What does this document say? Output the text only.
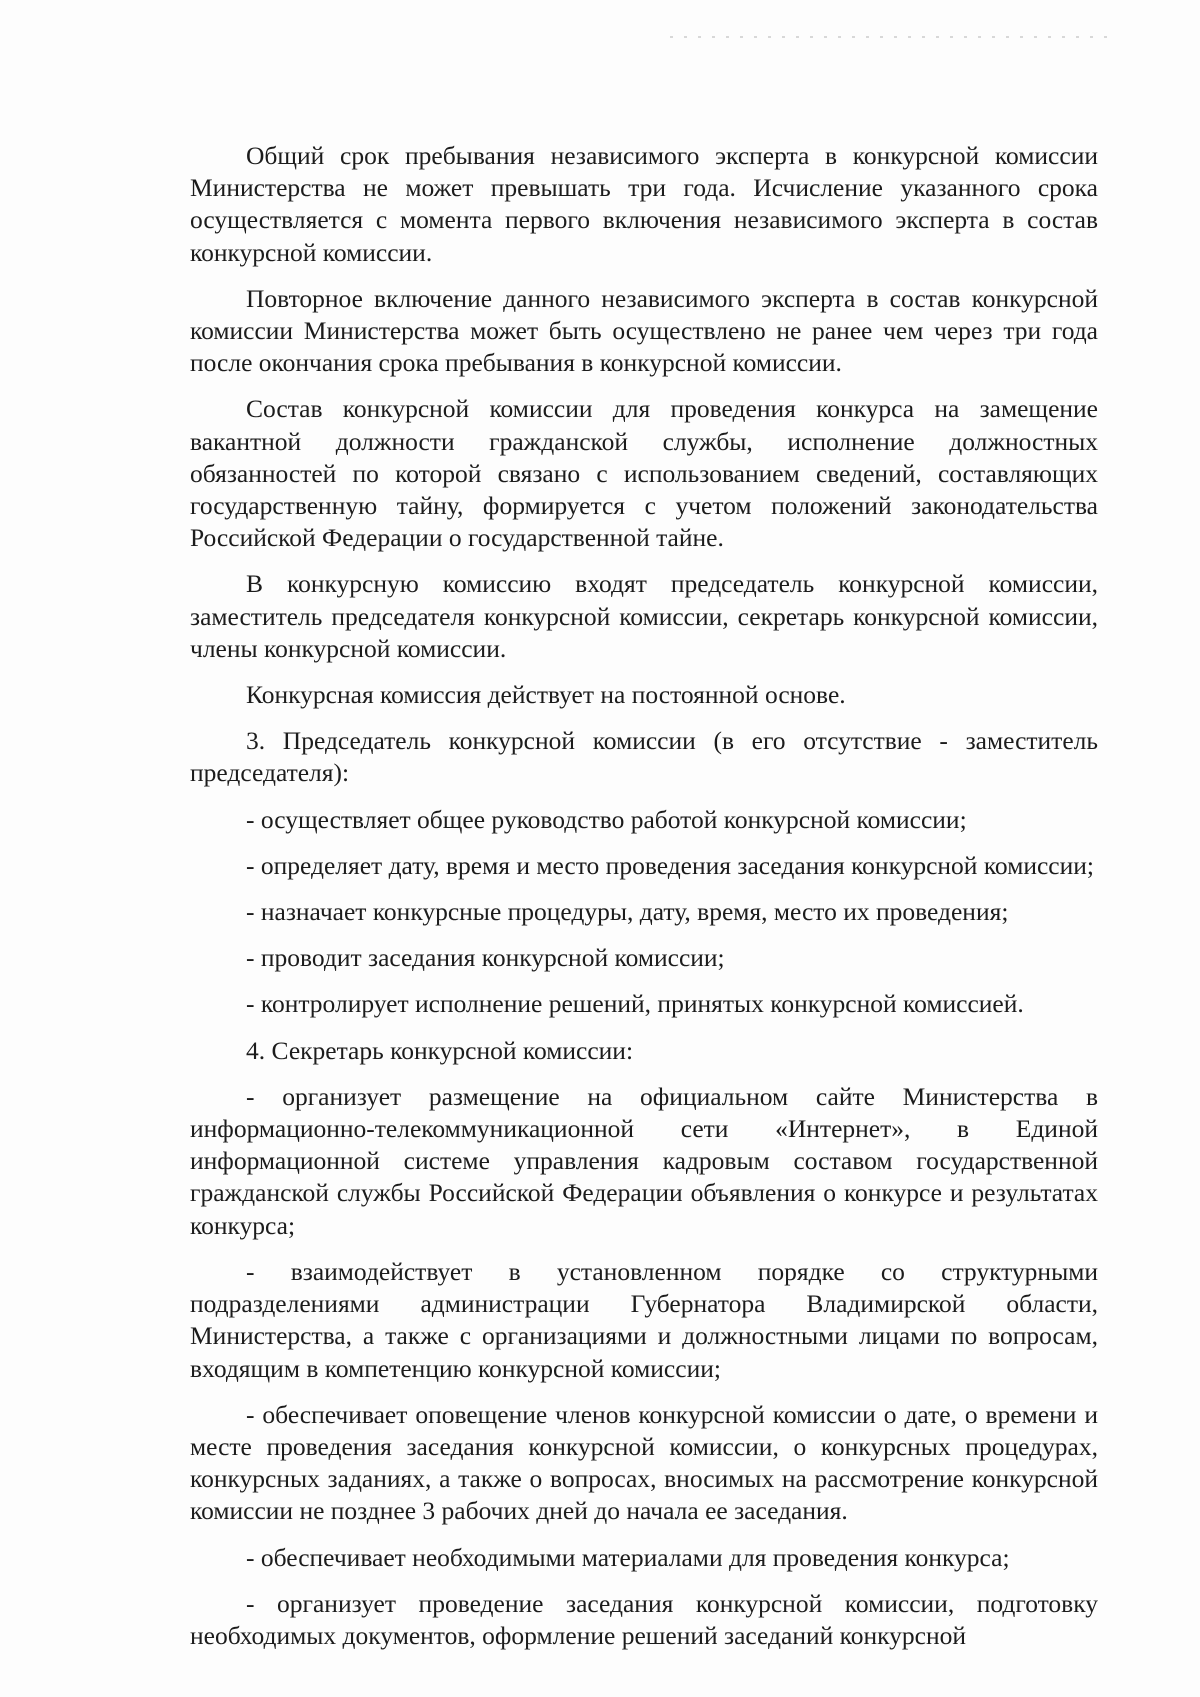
Общий срок пребывания независимого эксперта в конкурсной комиссии Министерства не может превышать три года. Исчисление указанного срока осуществляется с момента первого включения независимого эксперта в состав конкурсной комиссии.

Повторное включение данного независимого эксперта в состав конкурсной комиссии Министерства может быть осуществлено не ранее чем через три года после окончания срока пребывания в конкурсной комиссии.

Состав конкурсной комиссии для проведения конкурса на замещение вакантной должности гражданской службы, исполнение должностных обязанностей по которой связано с использованием сведений, составляющих государственную тайну, формируется с учетом положений законодательства Российской Федерации о государственной тайне.

В конкурсную комиссию входят председатель конкурсной комиссии, заместитель председателя конкурсной комиссии, секретарь конкурсной комиссии, члены конкурсной комиссии.

Конкурсная комиссия действует на постоянной основе.

3. Председатель конкурсной комиссии (в его отсутствие - заместитель председателя):

- осуществляет общее руководство работой конкурсной комиссии;

- определяет дату, время и место проведения заседания конкурсной комиссии;

- назначает конкурсные процедуры, дату, время, место их проведения;

- проводит заседания конкурсной комиссии;

- контролирует исполнение решений, принятых конкурсной комиссией.

4. Секретарь конкурсной комиссии:

- организует размещение на официальном сайте Министерства в информационно-телекоммуникационной сети «Интернет», в Единой информационной системе управления кадровым составом государственной гражданской службы Российской Федерации объявления о конкурсе и результатах конкурса;

- взаимодействует в установленном порядке со структурными подразделениями администрации Губернатора Владимирской области, Министерства, а также с организациями и должностными лицами по вопросам, входящим в компетенцию конкурсной комиссии;

- обеспечивает оповещение членов конкурсной комиссии о дате, о времени и месте проведения заседания конкурсной комиссии, о конкурсных процедурах, конкурсных заданиях, а также о вопросах, вносимых на рассмотрение конкурсной комиссии не позднее 3 рабочих дней до начала ее заседания.

- обеспечивает необходимыми материалами для проведения конкурса;

- организует проведение заседания конкурсной комиссии, подготовку необходимых документов, оформление решений заседаний конкурсной
